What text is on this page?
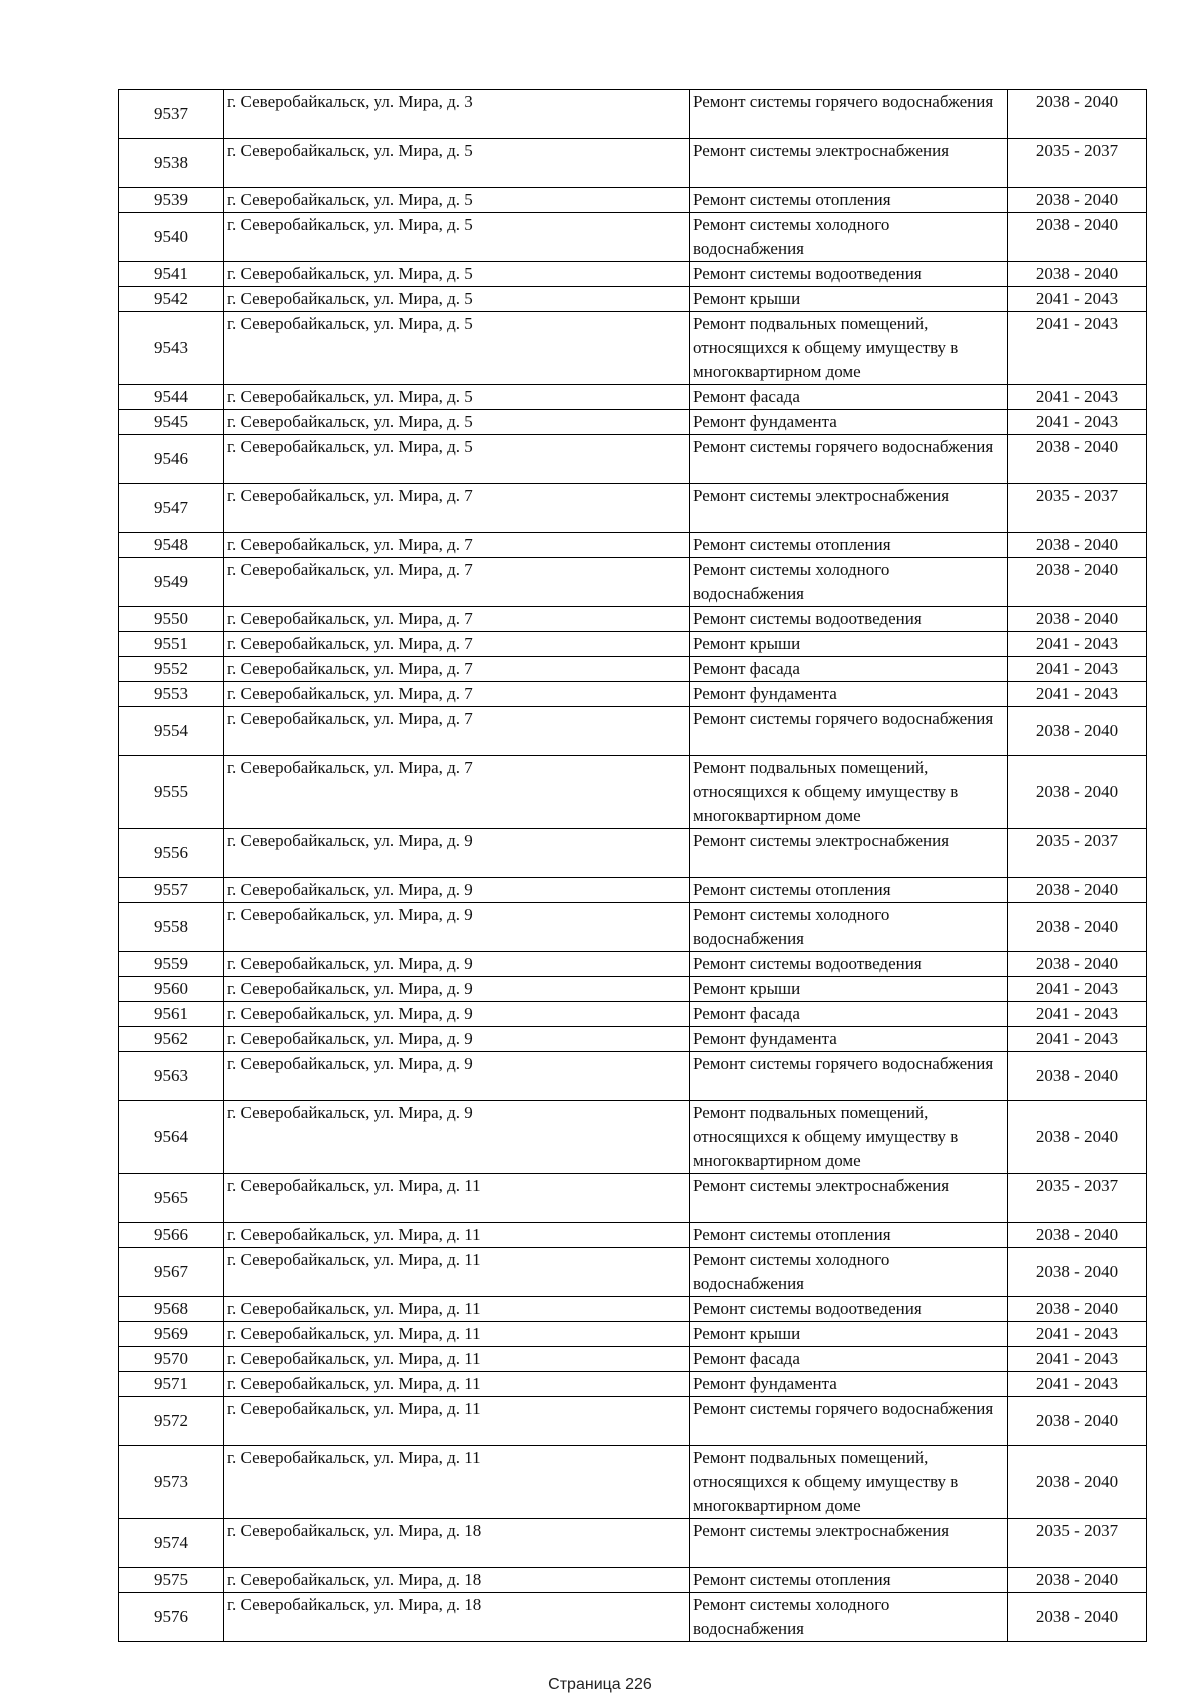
9537	г. Северобайкальск, ул. Мира, д. 3	Ремонт системы горячего водоснабжения	2038 - 2040
9538	г. Северобайкальск, ул. Мира, д. 5	Ремонт системы электроснабжения	2035 - 2037
9539	г. Северобайкальск, ул. Мира, д. 5	Ремонт системы отопления	2038 - 2040
9540	г. Северобайкальск, ул. Мира, д. 5	Ремонт системы холодного водоснабжения	2038 - 2040
9541	г. Северобайкальск, ул. Мира, д. 5	Ремонт системы водоотведения	2038 - 2040
9542	г. Северобайкальск, ул. Мира, д. 5	Ремонт крыши	2041 - 2043
9543	г. Северобайкальск, ул. Мира, д. 5	Ремонт подвальных помещений, относящихся к общему имуществу в многоквартирном доме	2041 - 2043
9544	г. Северобайкальск, ул. Мира, д. 5	Ремонт фасада	2041 - 2043
9545	г. Северобайкальск, ул. Мира, д. 5	Ремонт фундамента	2041 - 2043
9546	г. Северобайкальск, ул. Мира, д. 5	Ремонт системы горячего водоснабжения	2038 - 2040
9547	г. Северобайкальск, ул. Мира, д. 7	Ремонт системы электроснабжения	2035 - 2037
9548	г. Северобайкальск, ул. Мира, д. 7	Ремонт системы отопления	2038 - 2040
9549	г. Северобайкальск, ул. Мира, д. 7	Ремонт системы холодного водоснабжения	2038 - 2040
9550	г. Северобайкальск, ул. Мира, д. 7	Ремонт системы водоотведения	2038 - 2040
9551	г. Северобайкальск, ул. Мира, д. 7	Ремонт крыши	2041 - 2043
9552	г. Северобайкальск, ул. Мира, д. 7	Ремонт фасада	2041 - 2043
9553	г. Северобайкальск, ул. Мира, д. 7	Ремонт фундамента	2041 - 2043
9554	г. Северобайкальск, ул. Мира, д. 7	Ремонт системы горячего водоснабжения	2038 - 2040
9555	г. Северобайкальск, ул. Мира, д. 7	Ремонт подвальных помещений, относящихся к общему имуществу в многоквартирном доме	2038 - 2040
9556	г. Северобайкальск, ул. Мира, д. 9	Ремонт системы электроснабжения	2035 - 2037
9557	г. Северобайкальск, ул. Мира, д. 9	Ремонт системы отопления	2038 - 2040
9558	г. Северобайкальск, ул. Мира, д. 9	Ремонт системы холодного водоснабжения	2038 - 2040
9559	г. Северобайкальск, ул. Мира, д. 9	Ремонт системы водоотведения	2038 - 2040
9560	г. Северобайкальск, ул. Мира, д. 9	Ремонт крыши	2041 - 2043
9561	г. Северобайкальск, ул. Мира, д. 9	Ремонт фасада	2041 - 2043
9562	г. Северобайкальск, ул. Мира, д. 9	Ремонт фундамента	2041 - 2043
9563	г. Северобайкальск, ул. Мира, д. 9	Ремонт системы горячего водоснабжения	2038 - 2040
9564	г. Северобайкальск, ул. Мира, д. 9	Ремонт подвальных помещений, относящихся к общему имуществу в многоквартирном доме	2038 - 2040
9565	г. Северобайкальск, ул. Мира, д. 11	Ремонт системы электроснабжения	2035 - 2037
9566	г. Северобайкальск, ул. Мира, д. 11	Ремонт системы отопления	2038 - 2040
9567	г. Северобайкальск, ул. Мира, д. 11	Ремонт системы холодного водоснабжения	2038 - 2040
9568	г. Северобайкальск, ул. Мира, д. 11	Ремонт системы водоотведения	2038 - 2040
9569	г. Северобайкальск, ул. Мира, д. 11	Ремонт крыши	2041 - 2043
9570	г. Северобайкальск, ул. Мира, д. 11	Ремонт фасада	2041 - 2043
9571	г. Северобайкальск, ул. Мира, д. 11	Ремонт фундамента	2041 - 2043
9572	г. Северобайкальск, ул. Мира, д. 11	Ремонт системы горячего водоснабжения	2038 - 2040
9573	г. Северобайкальск, ул. Мира, д. 11	Ремонт подвальных помещений, относящихся к общему имуществу в многоквартирном доме	2038 - 2040
9574	г. Северобайкальск, ул. Мира, д. 18	Ремонт системы электроснабжения	2035 - 2037
9575	г. Северобайкальск, ул. Мира, д. 18	Ремонт системы отопления	2038 - 2040
9576	г. Северобайкальск, ул. Мира, д. 18	Ремонт системы холодного водоснабжения	2038 - 2040
Страница 226
